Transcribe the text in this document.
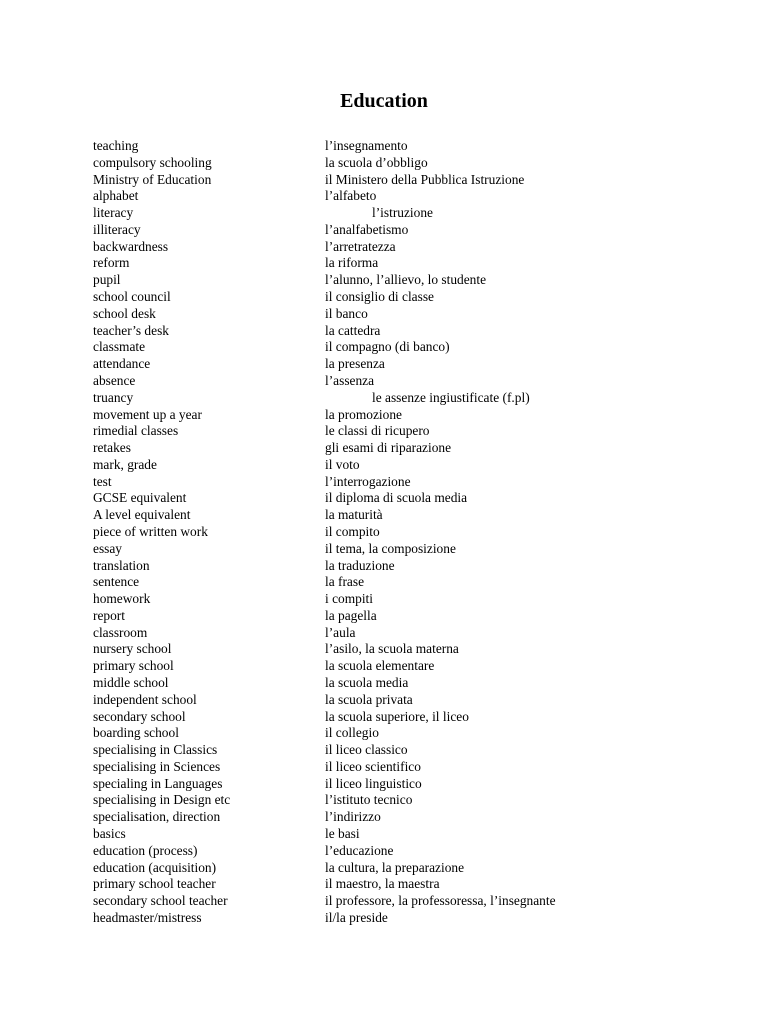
Education
teaching	l’insegnamento
compulsory schooling	la scuola d’obbligo
Ministry of Education	il Ministero della Pubblica Istruzione
alphabet	l’alfabeto
literacy	l’istruzione
illiteracy	l’analfabetismo
backwardness	l’arretratezza
reform	la riforma
pupil	l’alunno, l’allievo, lo studente
school council	il consiglio di classe
school desk	il banco
teacher’s desk	la cattedra
classmate	il compagno (di banco)
attendance	la presenza
absence	l’assenza
truancy	le assenze ingiustificate (f.pl)
movement up a year	la promozione
rimedial classes	le classi di ricupero
retakes	gli esami di riparazione
mark, grade	il voto
test	l’interrogazione
GCSE equivalent	il diploma di scuola media
A level equivalent	la maturità
piece of written work	il compito
essay	il tema, la composizione
translation	la traduzione
sentence	la frase
homework	i compiti
report	la pagella
classroom	l’aula
nursery school	l’asilo, la scuola materna
primary school	la scuola elementare
middle school	la scuola media
independent school	la scuola privata
secondary school	la scuola superiore, il liceo
boarding school	il collegio
specialising in Classics	il liceo classico
specialising in Sciences	il liceo scientifico
specialing in Languages	il liceo linguistico
specialising in Design etc	l’istituto tecnico
specialisation, direction	l’indirizzo
basics	le basi
education (process)	l’educazione
education (acquisition)	la cultura, la preparazione
primary school teacher	il maestro, la maestra
secondary school teacher	il professore, la professoressa, l’insegnante
headmaster/mistress	il/la preside
